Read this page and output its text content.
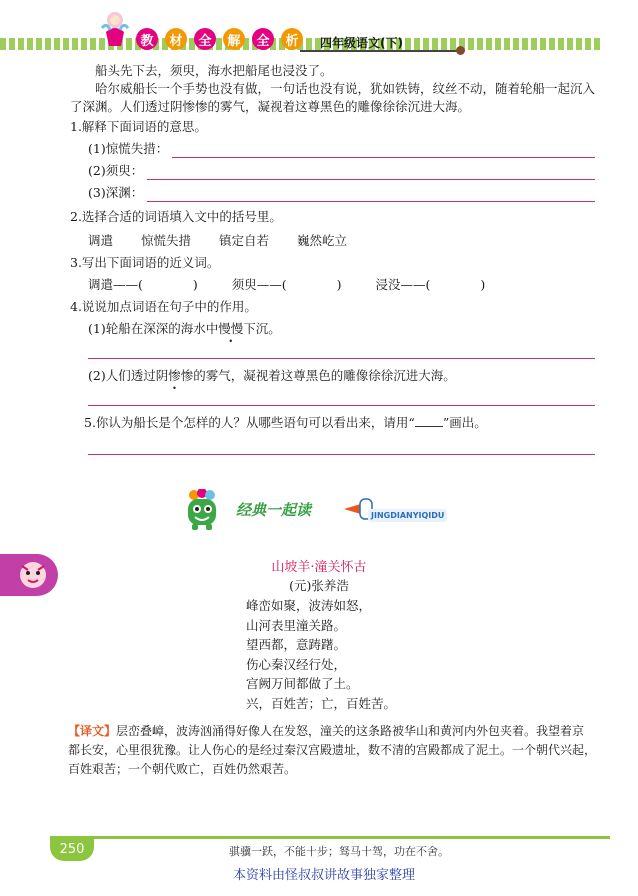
教	材	全	解	全	析	四年级语文(下)

船头先下去，须臾，海水把船尾也浸没了。

哈尔威船长一个手势也没有做，一句话也没有说，犹如铁铸，纹丝不动，随着轮船一起沉入了深渊。人们透过阴惨惨的雾气，凝视着这尊黑色的雕像徐徐沉进大海。

1.解释下面词语的意思。

(1)惊慌失措：
(2)须臾：
(3)深渊：

2.选择合适的词语填入文中的括号里。

调遣 惊慌失措 镇定自若 巍然屹立

3.写出下面词语的近义词。

调遣——(　　　　)	须臾——(　　　　)	浸没——(　　　　)

4.说说加点词语在句子中的作用。

(1)轮船在深深的海水中慢慢下沉。
(2)人们透过阴惨惨的雾气，凝视着这尊黑色的雕像徐徐沉进大海。

5.你认为船长是个怎样的人？从哪些语句可以看出来，请用“ ”画出。

经典一起读	JINGDIANYIQIDU
山坡羊·潼关怀古
(元)张养浩
峰峦如聚，波涛如怒，
山河表里潼关路。
望西都，意踌躇。
伤心秦汉经行处，
宫阙万间都做了土。
兴，百姓苦；亡，百姓苦。
【译文】层峦叠嶂，波涛汹涌得好像人在发怒，潼关的这条路被华山和黄河内外包夹着。我望着京都长安，心里很犹豫。让人伤心的是经过秦汉宫殿遗址，数不清的宫殿都成了泥土。一个朝代兴起，百姓艰苦；一个朝代败亡，百姓仍然艰苦。
250	骐骥一跃，不能十步；驽马十驾，功在不舍。
本资料由怪叔叔讲故事独家整理
